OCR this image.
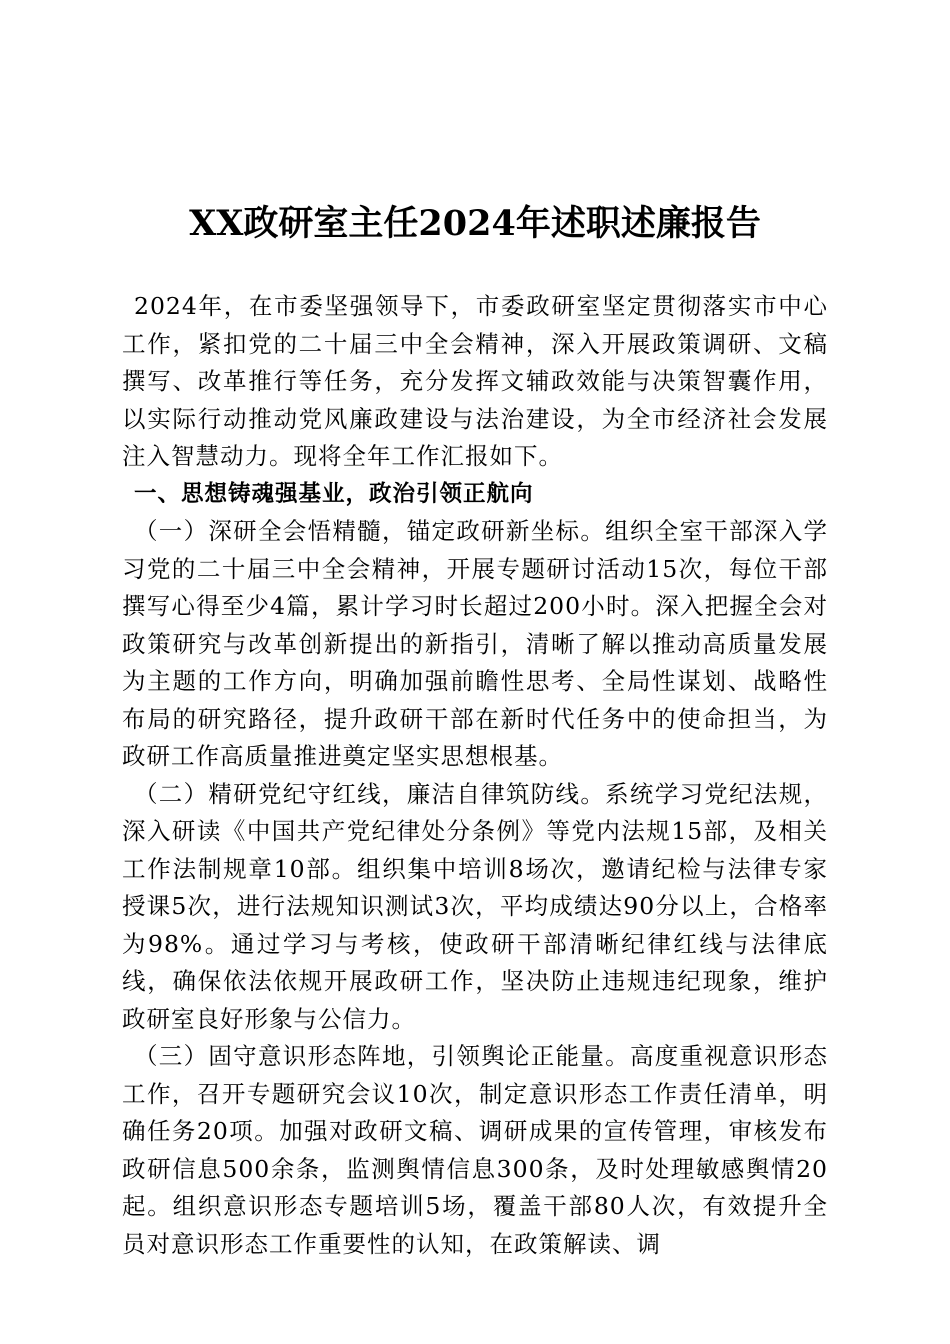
XX政研室主任2024年述职述廉报告

2024年，在市委坚强领导下，市委政研室坚定贯彻落实市中心工作，紧扣党的二十届三中全会精神，深入开展政策调研、文稿撰写、改革推行等任务，充分发挥文辅政效能与决策智囊作用，以实际行动推动党风廉政建设与法治建设，为全市经济社会发展注入智慧动力。现将全年工作汇报如下。

一、思想铸魂强基业，政治引领正航向

（一）深研全会悟精髓，锚定政研新坐标。组织全室干部深入学习党的二十届三中全会精神，开展专题研讨活动15次，每位干部撰写心得至少4篇，累计学习时长超过200小时。深入把握全会对政策研究与改革创新提出的新指引，清晰了解以推动高质量发展为主题的工作方向，明确加强前瞻性思考、全局性谋划、战略性布局的研究路径，提升政研干部在新时代任务中的使命担当，为政研工作高质量推进奠定坚实思想根基。

（二）精研党纪守红线，廉洁自律筑防线。系统学习党纪法规，深入研读《中国共产党纪律处分条例》等党内法规15部，及相关工作法制规章10部。组织集中培训8场次，邀请纪检与法律专家授课5次，进行法规知识测试3次，平均成绩达90分以上，合格率为98%。通过学习与考核，使政研干部清晰纪律红线与法律底线，确保依法依规开展政研工作，坚决防止违规违纪现象，维护政研室良好形象与公信力。

（三）固守意识形态阵地，引领舆论正能量。高度重视意识形态工作，召开专题研究会议10次，制定意识形态工作责任清单，明确任务20项。加强对政研文稿、调研成果的宣传管理，审核发布政研信息500余条，监测舆情信息300条，及时处理敏感舆情20起。组织意识形态专题培训5场，覆盖干部80人次，有效提升全员对意识形态工作重要性的认知，在政策解读、调
